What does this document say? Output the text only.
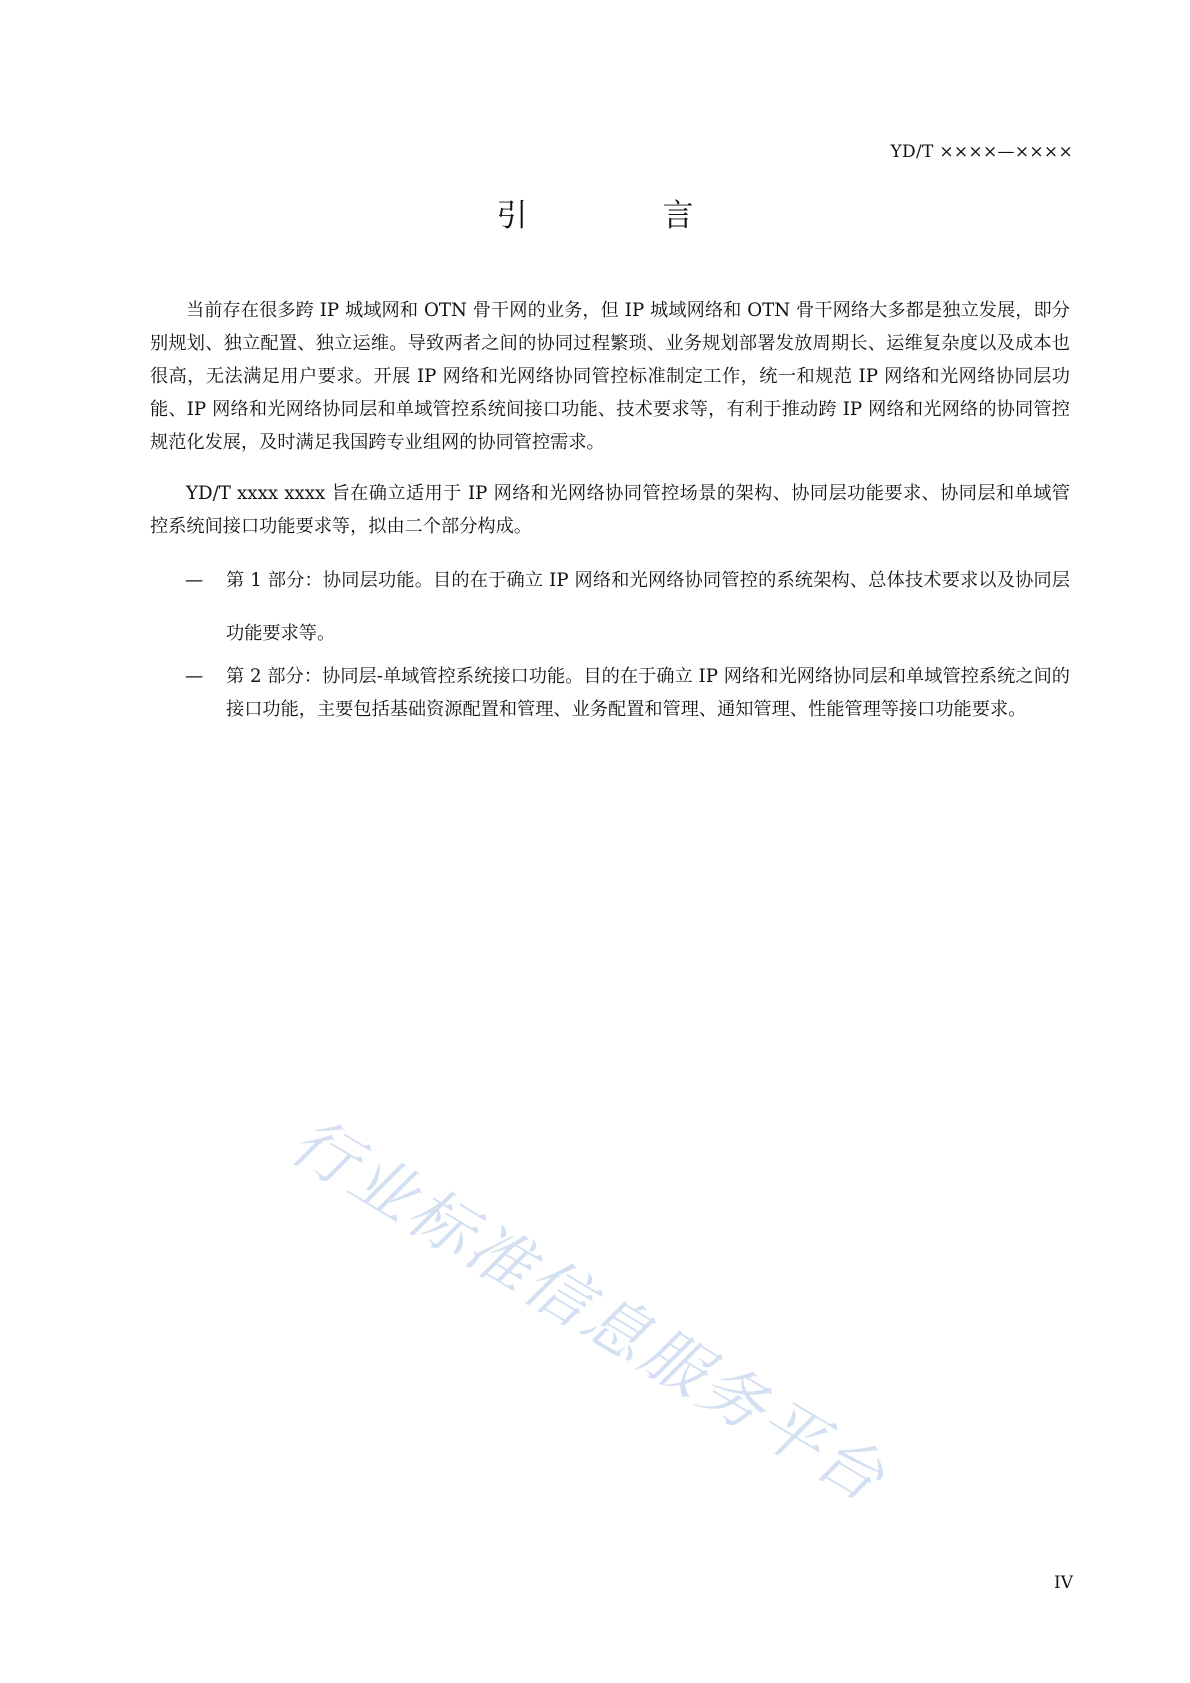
YD/T ××××—××××
引　言

当前存在很多跨 IP 城域网和 OTN 骨干网的业务，但 IP 城域网络和 OTN 骨干网络大多都是独立发展，即分别规划、独立配置、独立运维。导致两者之间的协同过程繁琐、业务规划部署发放周期长、运维复杂度以及成本也很高，无法满足用户要求。开展 IP 网络和光网络协同管控标准制定工作，统一和规范 IP 网络和光网络协同层功能、IP 网络和光网络协同层和单域管控系统间接口功能、技术要求等，有利于推动跨 IP 网络和光网络的协同管控规范化发展，及时满足我国跨专业组网的协同管控需求。

YD/T xxxx xxxx 旨在确立适用于 IP 网络和光网络协同管控场景的架构、协同层功能要求、协同层和单域管控系统间接口功能要求等，拟由二个部分构成。

—	第 1 部分：协同层功能。目的在于确立 IP 网络和光网络协同管控的系统架构、总体技术要求以及协同层功能要求等。
—	第 2 部分：协同层-单域管控系统接口功能。目的在于确立 IP 网络和光网络协同层和单域管控系统之间的接口功能，主要包括基础资源配置和管理、业务配置和管理、通知管理、性能管理等接口功能要求。
行业标准信息服务平台
IV
